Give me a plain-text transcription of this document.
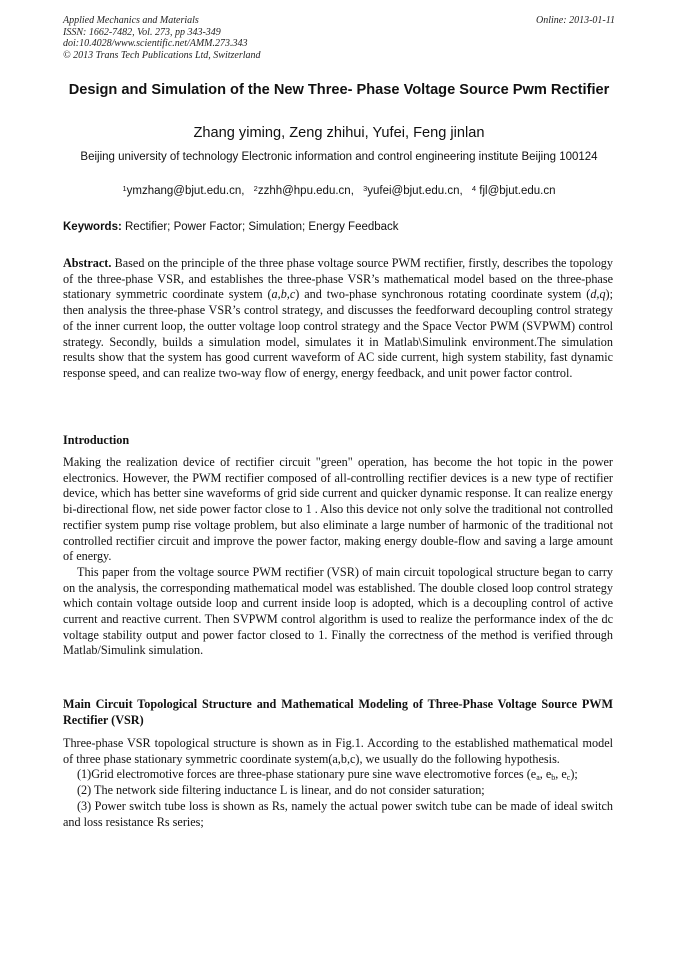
Applied Mechanics and Materials
ISSN: 1662-7482, Vol. 273, pp 343-349
doi:10.4028/www.scientific.net/AMM.273.343
© 2013 Trans Tech Publications Ltd, Switzerland
Online: 2013-01-11
Design and Simulation of the New Three- Phase Voltage Source Pwm Rectifier
Zhang yiming, Zeng zhihui, Yufei, Feng jinlan
Beijing university of technology Electronic information and control engineering institute Beijing 100124
$^1$ymzhang@bjut.edu.cn, $^2$zzhh@hpu.edu.cn, $^3$yufei@bjut.edu.cn, $^4$ fjl@bjut.edu.cn
Keywords: Rectifier; Power Factor; Simulation; Energy Feedback
Abstract. Based on the principle of the three phase voltage source PWM rectifier, firstly, describes the topology of the three-phase VSR, and establishes the three-phase VSR’s mathematical model based on the three-phase stationary symmetric coordinate system (a,b,c) and two-phase synchronous rotating coordinate system (d,q); then analysis the three-phase VSR’s control strategy, and discusses the feedforward decoupling control strategy of the inner current loop, the outter voltage loop control strategy and the Space Vector PWM (SVPWM) control strategy. Secondly, builds a simulation model, simulates it in Matlab\Simulink environment.The simulation results show that the system has good current waveform of AC side current, high system stability, fast dynamic response speed, and can realize two-way flow of energy, energy feedback, and unit power factor control.
Introduction

Making the realization device of rectifier circuit "green" operation, has become the hot topic in the power electronics. However, the PWM rectifier composed of all-controlling rectifier devices is a new type of rectifier device, which has better sine waveforms of grid side current and quicker dynamic response. It can realize energy bi-directional flow, net side power factor close to 1 . Also this device not only solve the traditional not controlled rectifier system pump rise voltage problem, but also eliminate a large number of harmonic of the traditional not controlled rectifier circuit and improve the power factor, making energy double-flow and saving a large amount of energy.

This paper from the voltage source PWM rectifier (VSR) of main circuit topological structure began to carry on the analysis, the corresponding mathematical model was established. The double closed loop control strategy which contain voltage outside loop and current inside loop is adopted, which is a decoupling control of active current and reactive current. Then SVPWM control algorithm is used to realize the performance index of the dc voltage stability output and power factor closed to 1. Finally the correctness of the method is verified through Matlab/Simulink simulation.

Main Circuit Topological Structure and Mathematical Modeling of Three-Phase Voltage Source PWM Rectifier (VSR)

Three-phase VSR topological structure is shown as in Fig.1. According to the established mathematical model of three phase stationary symmetric coordinate system(a,b,c), we usually do the following hypothesis.

(1)Grid electromotive forces are three-phase stationary pure sine wave electromotive forces ($e_a$, $e_b$, $e_c$);

(2) The network side filtering inductance L is linear, and do not consider saturation;

(3) Power switch tube loss is shown as Rs, namely the actual power switch tube can be made of ideal switch and loss resistance Rs series;
